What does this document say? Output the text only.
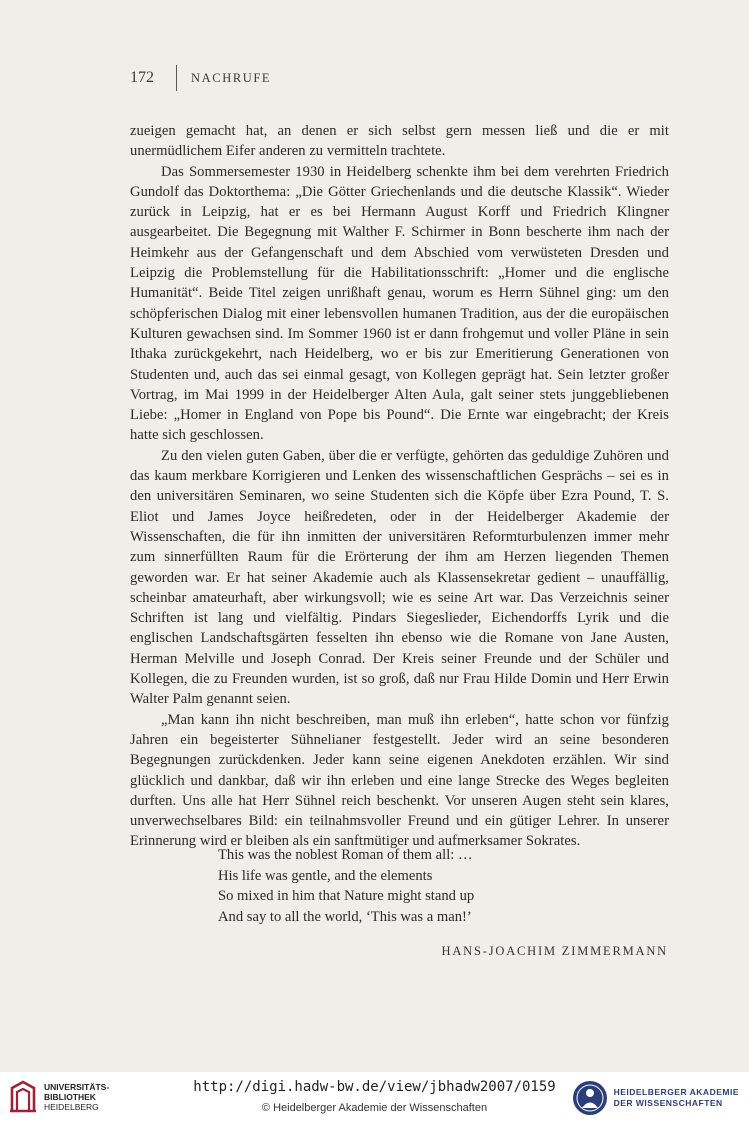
172	NACHRUFE

zueigen gemacht hat, an denen er sich selbst gern messen ließ und die er mit unermüdlichem Eifer anderen zu vermitteln trachtete.

Das Sommersemester 1930 in Heidelberg schenkte ihm bei dem verehrten Friedrich Gundolf das Doktorthema: „Die Götter Griechenlands und die deutsche Klassik“. Wieder zurück in Leipzig, hat er es bei Hermann August Korff und Friedrich Klingner ausgearbeitet. Die Begegnung mit Walther F. Schirmer in Bonn bescherte ihm nach der Heimkehr aus der Gefangenschaft und dem Abschied vom verwüsteten Dresden und Leipzig die Problemstellung für die Habilitationsschrift: „Homer und die englische Humanität“. Beide Titel zeigen unrißhaft genau, worum es Herrn Sühnel ging: um den schöpferischen Dialog mit einer lebensvollen humanen Tradition, aus der die europäischen Kulturen gewachsen sind. Im Sommer 1960 ist er dann frohgemut und voller Pläne in sein Ithaka zurückgekehrt, nach Heidelberg, wo er bis zur Emeritierung Generationen von Studenten und, auch das sei einmal gesagt, von Kollegen geprägt hat. Sein letzter großer Vortrag, im Mai 1999 in der Heidelberger Alten Aula, galt seiner stets junggebliebenen Liebe: „Homer in England von Pope bis Pound“. Die Ernte war eingebracht; der Kreis hatte sich geschlossen.

Zu den vielen guten Gaben, über die er verfügte, gehörten das geduldige Zuhören und das kaum merkbare Korrigieren und Lenken des wissenschaftlichen Gesprächs – sei es in den universitären Seminaren, wo seine Studenten sich die Köpfe über Ezra Pound, T. S. Eliot und James Joyce heißredeten, oder in der Heidelberger Akademie der Wissenschaften, die für ihn inmitten der universitären Reformturbulenzen immer mehr zum sinnerfüllten Raum für die Erörterung der ihm am Herzen liegenden Themen geworden war. Er hat seiner Akademie auch als Klassensekretar gedient – unauffällig, scheinbar amateurhaft, aber wirkungsvoll; wie es seine Art war. Das Verzeichnis seiner Schriften ist lang und vielfältig. Pindars Siegeslieder, Eichendorffs Lyrik und die englischen Landschaftsgärten fesselten ihn ebenso wie die Romane von Jane Austen, Herman Melville und Joseph Conrad. Der Kreis seiner Freunde und der Schüler und Kollegen, die zu Freunden wurden, ist so groß, daß nur Frau Hilde Domin und Herr Erwin Walter Palm genannt seien.

„Man kann ihn nicht beschreiben, man muß ihn erleben“, hatte schon vor fünfzig Jahren ein begeisterter Sühnelianer festgestellt. Jeder wird an seine besonderen Begegnungen zurückdenken. Jeder kann seine eigenen Anekdoten erzählen. Wir sind glücklich und dankbar, daß wir ihn erleben und eine lange Strecke des Weges begleiten durften. Uns alle hat Herr Sühnel reich beschenkt. Vor unseren Augen steht sein klares, unverwechselbares Bild: ein teilnahmsvoller Freund und ein gütiger Lehrer. In unserer Erinnerung wird er bleiben als ein sanftmütiger und aufmerksamer Sokrates.

This was the noblest Roman of them all: …
His life was gentle, and the elements
So mixed in him that Nature might stand up
And say to all the world, ‘This was a man!’
HANS-JOACHIM ZIMMERMANN
UNIVERSITÄTS-
BIBLIOTHEK
HEIDELBERG
http://digi.hadw-bw.de/view/jbhadw2007/0159
© Heidelberger Akademie der Wissenschaften
HEIDELBERGER AKADEMIE
DER WISSENSCHAFTEN
